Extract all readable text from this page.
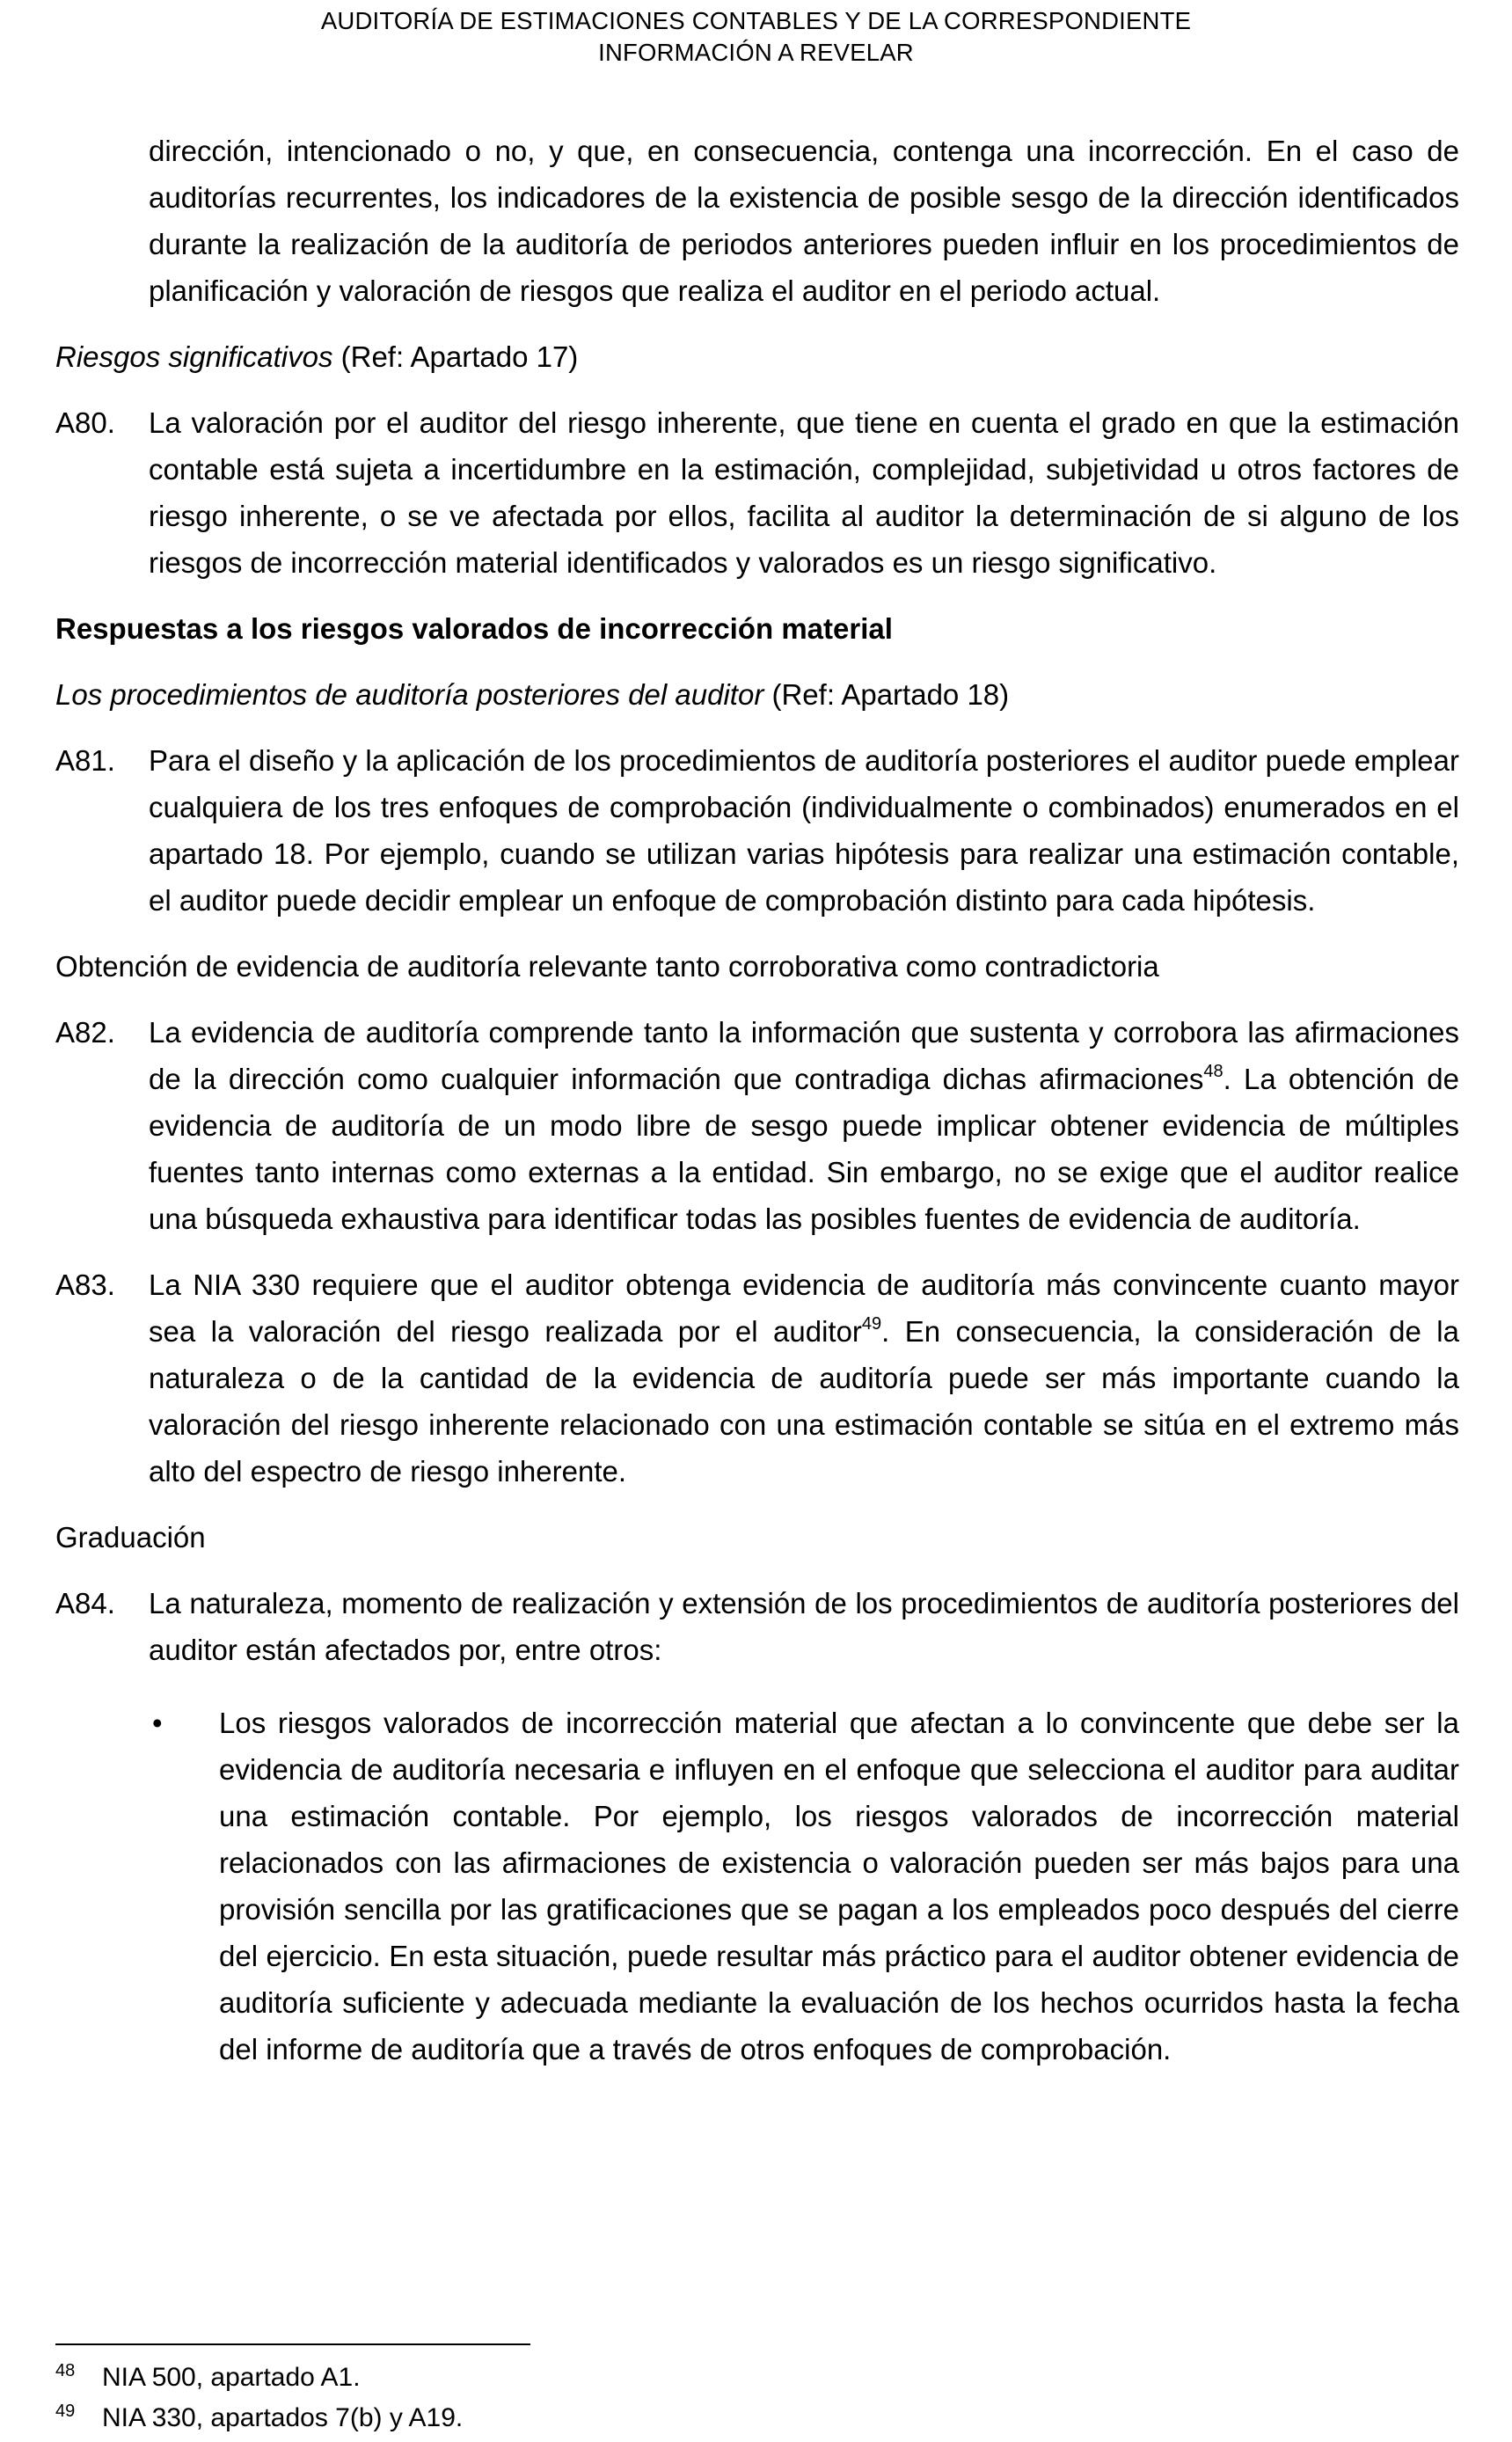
AUDITORÍA DE ESTIMACIONES CONTABLES Y DE LA CORRESPONDIENTE
INFORMACIÓN A REVELAR

dirección, intencionado o no, y que, en consecuencia, contenga una incorrección. En el caso de auditorías recurrentes, los indicadores de la existencia de posible sesgo de la dirección identificados durante la realización de la auditoría de periodos anteriores pueden influir en los procedimientos de planificación y valoración de riesgos que realiza el auditor en el periodo actual.

Riesgos significativos (Ref: Apartado 17)

A80. La valoración por el auditor del riesgo inherente, que tiene en cuenta el grado en que la estimación contable está sujeta a incertidumbre en la estimación, complejidad, subjetividad u otros factores de riesgo inherente, o se ve afectada por ellos, facilita al auditor la determinación de si alguno de los riesgos de incorrección material identificados y valorados es un riesgo significativo.

Respuestas a los riesgos valorados de incorrección material

Los procedimientos de auditoría posteriores del auditor (Ref: Apartado 18)

A81. Para el diseño y la aplicación de los procedimientos de auditoría posteriores el auditor puede emplear cualquiera de los tres enfoques de comprobación (individualmente o combinados) enumerados en el apartado 18. Por ejemplo, cuando se utilizan varias hipótesis para realizar una estimación contable, el auditor puede decidir emplear un enfoque de comprobación distinto para cada hipótesis.

Obtención de evidencia de auditoría relevante tanto corroborativa como contradictoria

A82. La evidencia de auditoría comprende tanto la información que sustenta y corrobora las afirmaciones de la dirección como cualquier información que contradiga dichas afirmaciones$^{48}$. La obtención de evidencia de auditoría de un modo libre de sesgo puede implicar obtener evidencia de múltiples fuentes tanto internas como externas a la entidad. Sin embargo, no se exige que el auditor realice una búsqueda exhaustiva para identificar todas las posibles fuentes de evidencia de auditoría.
A83. La NIA 330 requiere que el auditor obtenga evidencia de auditoría más convincente cuanto mayor sea la valoración del riesgo realizada por el auditor$^{49}$. En consecuencia, la consideración de la naturaleza o de la cantidad de la evidencia de auditoría puede ser más importante cuando la valoración del riesgo inherente relacionado con una estimación contable se sitúa en el extremo más alto del espectro de riesgo inherente.

Graduación

A84. La naturaleza, momento de realización y extensión de los procedimientos de auditoría posteriores del auditor están afectados por, entre otros:
• Los riesgos valorados de incorrección material que afectan a lo convincente que debe ser la evidencia de auditoría necesaria e influyen en el enfoque que selecciona el auditor para auditar una estimación contable. Por ejemplo, los riesgos valorados de incorrección material relacionados con las afirmaciones de existencia o valoración pueden ser más bajos para una provisión sencilla por las gratificaciones que se pagan a los empleados poco después del cierre del ejercicio. En esta situación, puede resultar más práctico para el auditor obtener evidencia de auditoría suficiente y adecuada mediante la evaluación de los hechos ocurridos hasta la fecha del informe de auditoría que a través de otros enfoques de comprobación.

48 NIA 500, apartado A1.

49 NIA 330, apartados 7(b) y A19.
